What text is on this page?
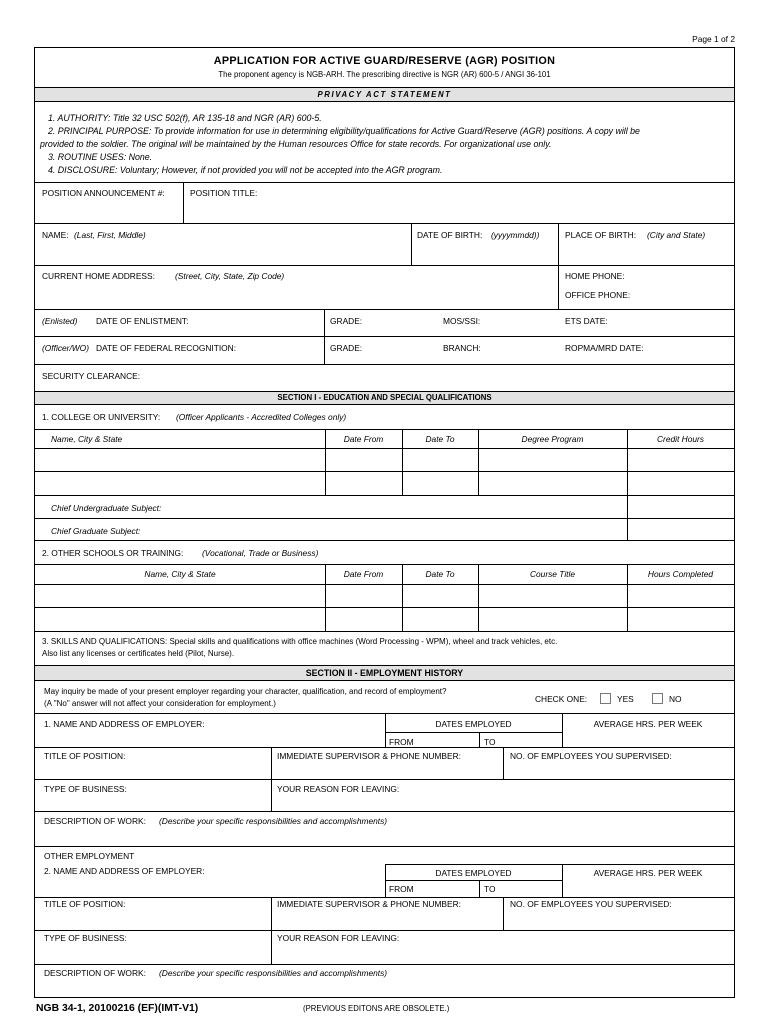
Page 1 of 2
APPLICATION FOR ACTIVE GUARD/RESERVE (AGR) POSITION
The proponent agency is NGB-ARH. The prescribing directive is NGR (AR) 600-5 / ANGI 36-101
PRIVACY ACT STATEMENT
1. AUTHORITY: Title 32 USC 502(f), AR 135-18 and NGR (AR) 600-5.
2. PRINCIPAL PURPOSE: To provide information for use in determining eligibility/qualifications for Active Guard/Reserve (AGR) positions. A copy will be
provided to the soldier. The original will be maintained by the Human resources Office for state records. For organizational use only.
3. ROUTINE USES: None.
4. DISCLOSURE: Voluntary; However, if not provided you will not be accepted into the AGR program.
POSITION ANNOUNCEMENT #:	POSITION TITLE:
NAME: (Last, First, Middle)	DATE OF BIRTH: (yyyymmdd))	PLACE OF BIRTH: (City and State)
CURRENT HOME ADDRESS: (Street, City, State, Zip Code)	HOME PHONE:
OFFICE PHONE:
(Enlisted) DATE OF ENLISTMENT:	GRADE:	MOS/SSI:	ETS DATE:
(Officer/WO) DATE OF FEDERAL RECOGNITION:	GRADE:	BRANCH:	ROPMA/MRD DATE:
SECURITY CLEARANCE:
SECTION I - EDUCATION AND SPECIAL QUALIFICATIONS
1. COLLEGE OR UNIVERSITY: (Officer Applicants - Accredited Colleges only)
Name, City & State	Date From	Date To	Degree Program	Credit Hours
Chief Undergraduate Subject:
Chief Graduate Subject:
2. OTHER SCHOOLS OR TRAINING: (Vocational, Trade or Business)
Name, City & State	Date From	Date To	Course Title	Hours Completed
3. SKILLS AND QUALIFICATIONS: Special skills and qualifications with office machines (Word Processing - WPM), wheel and track vehicles, etc.
Also list any licenses or certificates held (Pilot, Nurse).
SECTION II - EMPLOYMENT HISTORY
May inquiry be made of your present employer regarding your character, qualification, and record of employment?
(A "No" answer will not affect your consideration for employment.)	CHECK ONE:	YES	NO
1. NAME AND ADDRESS OF EMPLOYER:	DATES EMPLOYED	AVERAGE HRS. PER WEEK
FROM	TO
TITLE OF POSITION:	IMMEDIATE SUPERVISOR & PHONE NUMBER:	NO. OF EMPLOYEES YOU SUPERVISED:
TYPE OF BUSINESS:	YOUR REASON FOR LEAVING:
DESCRIPTION OF WORK: (Describe your specific responsibilities and accomplishments)
OTHER EMPLOYMENT
2. NAME AND ADDRESS OF EMPLOYER:	DATES EMPLOYED	AVERAGE HRS. PER WEEK
FROM	TO
TITLE OF POSITION:	IMMEDIATE SUPERVISOR & PHONE NUMBER:	NO. OF EMPLOYEES YOU SUPERVISED:
TYPE OF BUSINESS:	YOUR REASON FOR LEAVING:
DESCRIPTION OF WORK: (Describe your specific responsibilities and accomplishments)
NGB 34-1, 20100216 (EF)(IMT-V1)	(PREVIOUS EDITONS ARE OBSOLETE.)
